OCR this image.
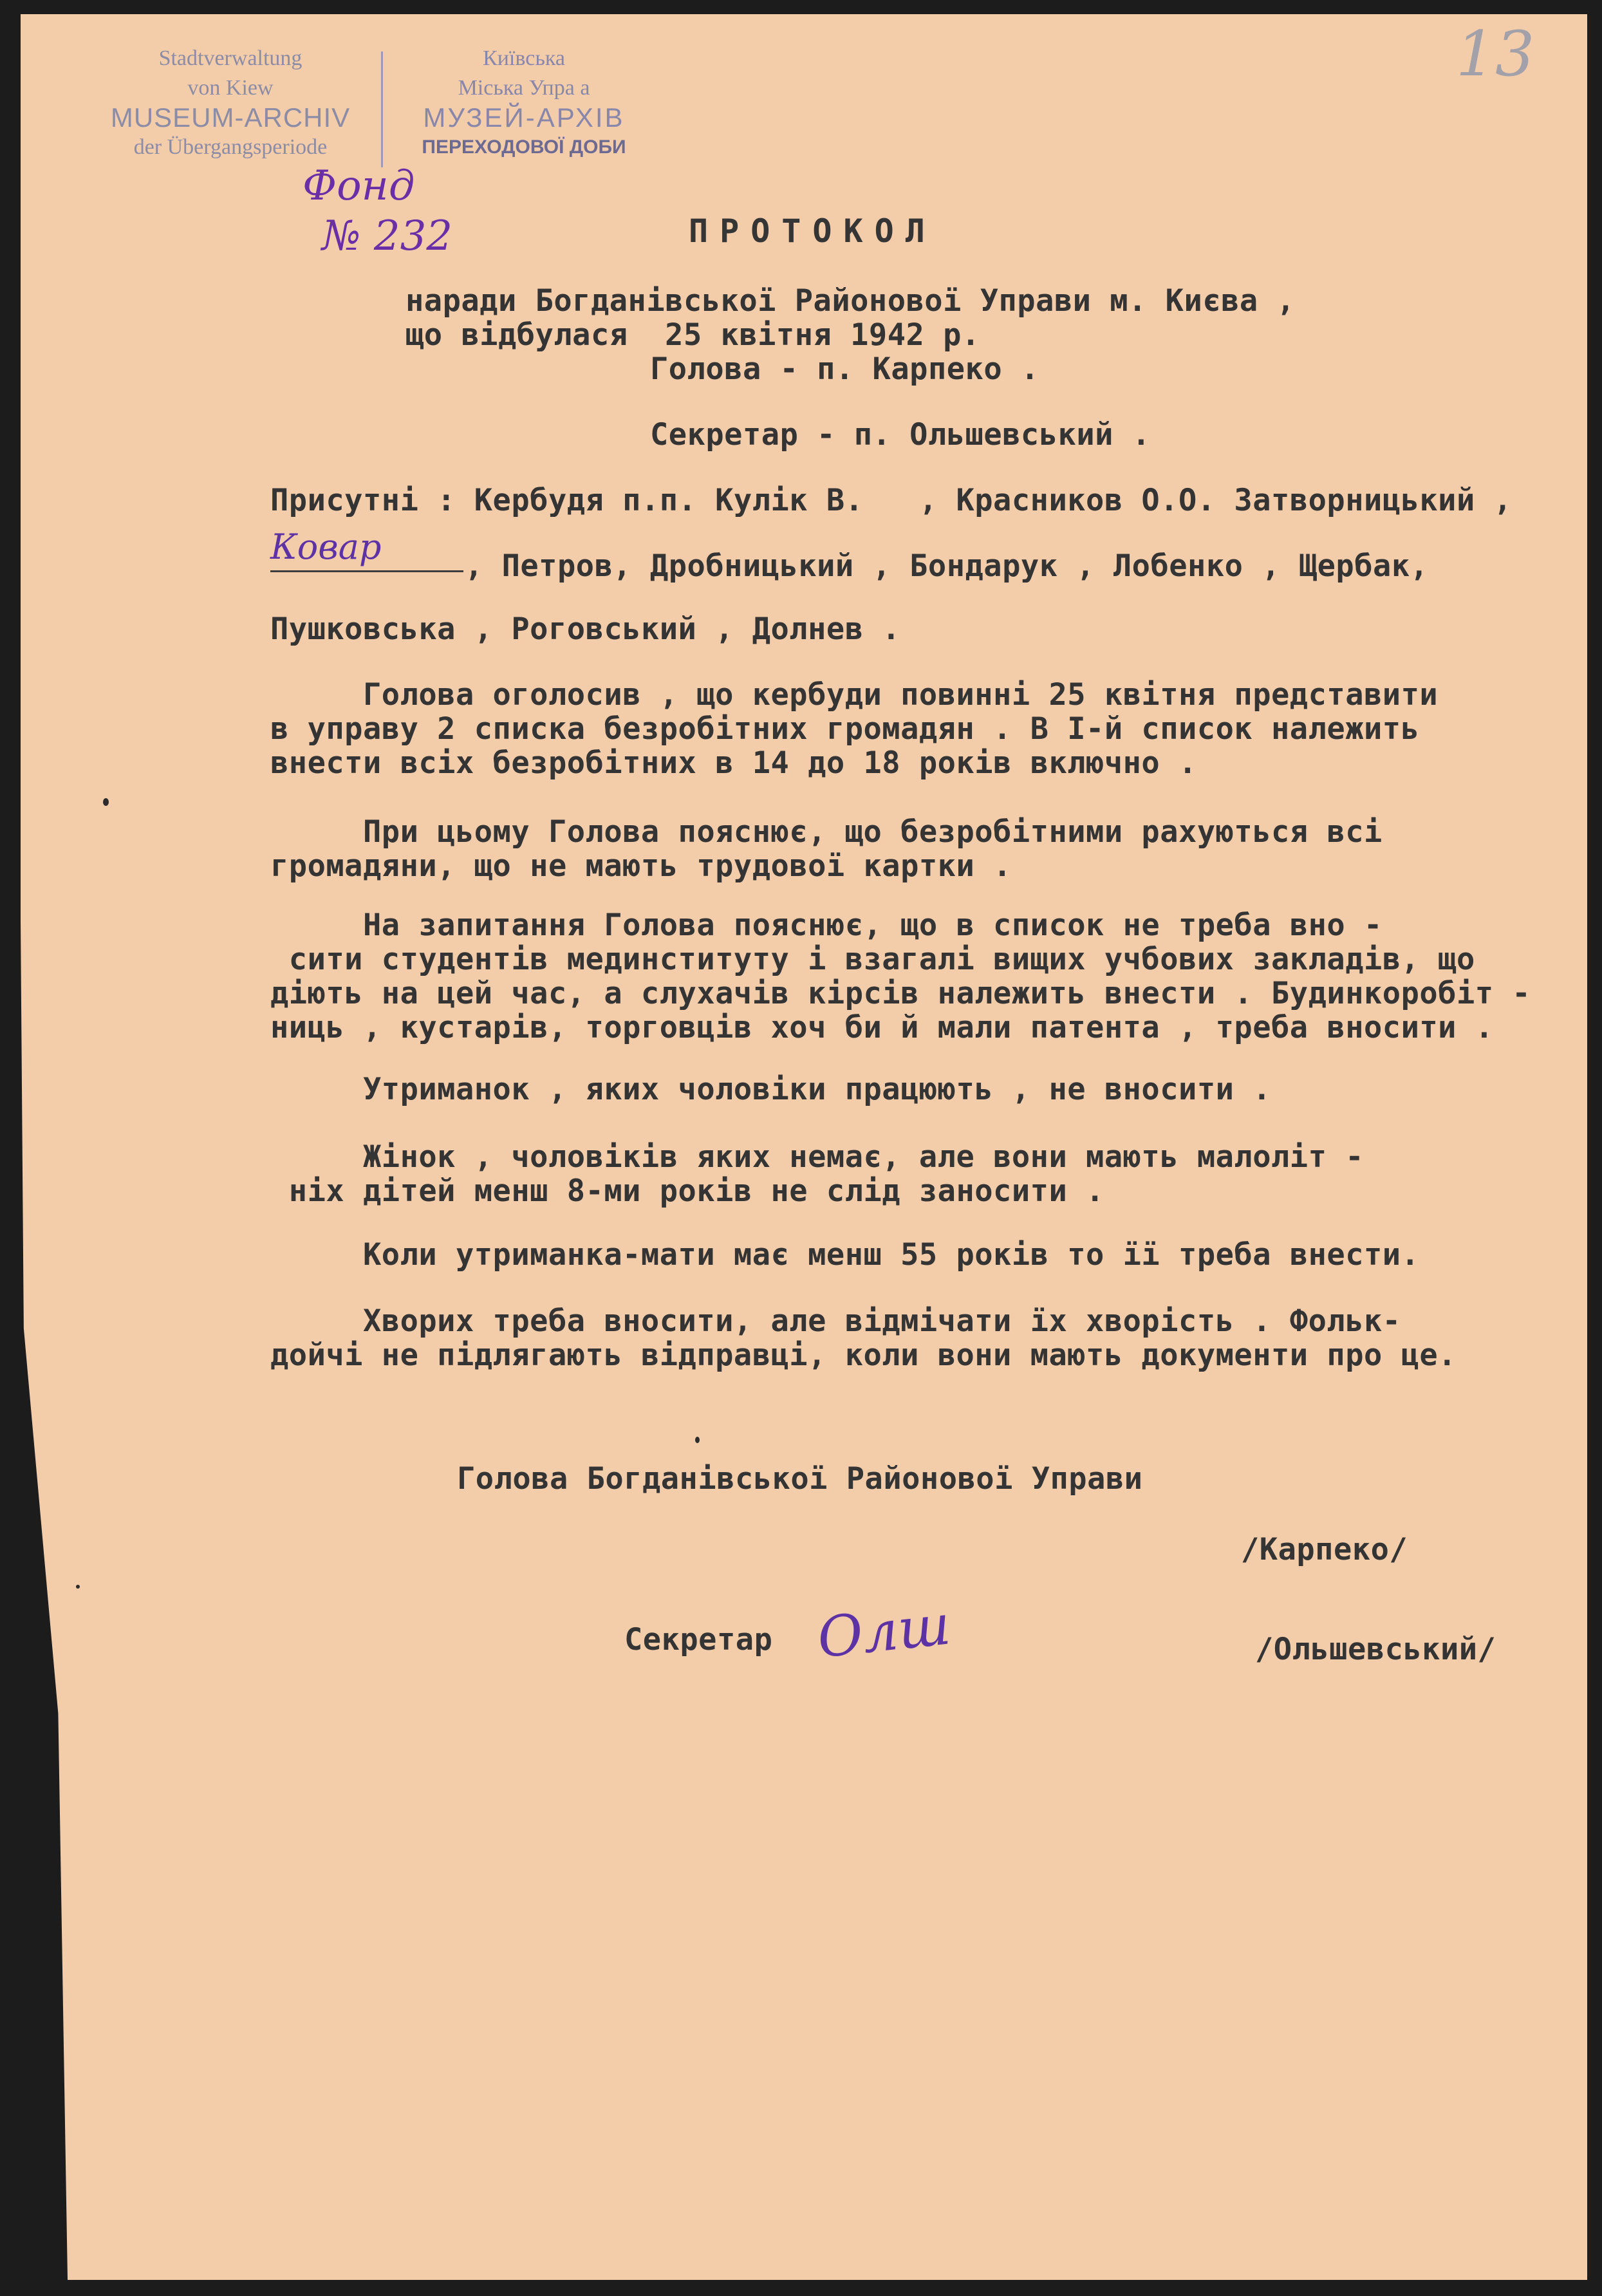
Stadtverwaltung
von Kiew
MUSEUM-ARCHIV
der Übergangsperiode
Київська
Міська Упра а
МУЗЕЙ-АРХІВ
ПЕРЕХОДОВОЇ ДОБИ
13
Фонд
№ 232	ПРОТОКОЛ
наради Богданівської Районової Управи м. Києва ,
що відбулася  25 квітня 1942 р.
Голова - п. Карпеко .
Секретар - п. Ольшевський .
Присутні : Кербудя п.п. Кулік В.   , Красников О.О. Затворницький ,
Ковар	, Петров, Дробницький , Бондарук , Лобенко , Щербак,
Пушковська , Роговський , Долнев .
Голова оголосив , що кербуди повинні 25 квітня представити
в управу 2 списка безробітних громадян . В І-й список належить
внести всіх безробітних в 14 до 18 років включно .
При цьому Голова пояснює, що безробітними рахуються всі
громадяни, що не мають трудової картки .
На запитання Голова пояснює, що в список не треба вно -
сити студентів мединституту і взагалі вищих учбових закладів, що
діють на цей час, а слухачів кірсів належить внести . Будинкоробіт -
ниць , кустарів, торговців хоч би й мали патента , треба вносити .
Утриманок , яких чоловіки працюють , не вносити .
Жінок , чоловіків яких немає, але вони мають малоліт -
ніх дітей менш 8-ми років не слід заносити .
Коли утриманка-мати має менш 55 років то її треба внести.
Хворих треба вносити, але відмічати їх хворість . Фольк-
дойчі не підлягають відправці, коли вони мають документи про це.
Голова Богданівської Районової Управи
/Карпеко/
Секретар Олш	/Ольшевський/
